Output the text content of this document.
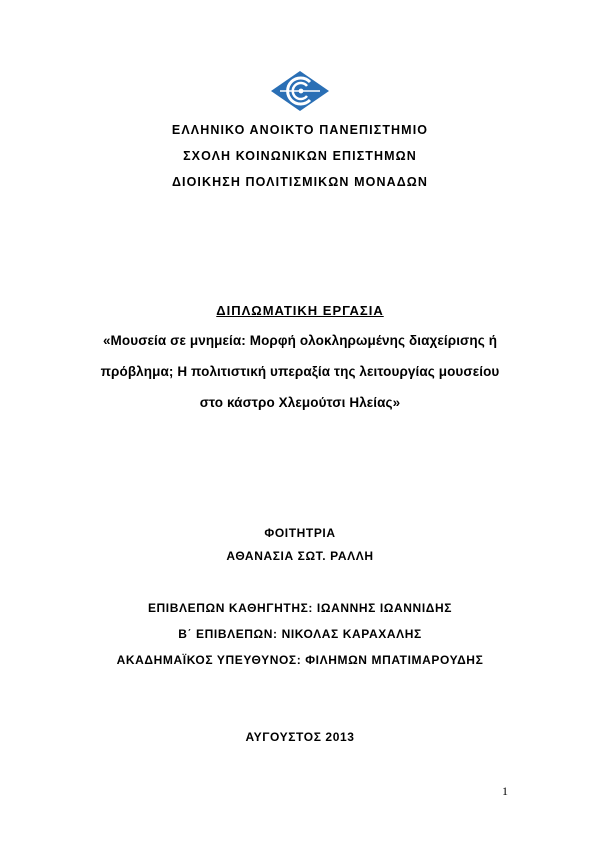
ΕΛΛΗΝΙΚΟ ΑΝΟΙΚΤΟ ΠΑΝΕΠΙΣΤΗΜΙΟ
ΣΧΟΛΗ ΚΟΙΝΩΝΙΚΩΝ ΕΠΙΣΤΗΜΩΝ
ΔΙΟΙΚΗΣΗ ΠΟΛΙΤΙΣΜΙΚΩΝ ΜΟΝΑΔΩΝ
ΔΙΠΛΩΜΑΤΙΚΗ ΕΡΓΑΣΙΑ
«Μουσεία σε μνημεία: Μορφή ολοκληρωμένης διαχείρισης ή
πρόβλημα; Η πολιτιστική υπεραξία της λειτουργίας μουσείου
στο κάστρο Χλεμούτσι Ηλείας»
ΦΟΙΤΗΤΡΙΑ
ΑΘΑΝΑΣΙΑ ΣΩΤ. ΡΑΛΛΗ
ΕΠΙΒΛΕΠΩΝ ΚΑΘΗΓΗΤΗΣ: ΙΩΑΝΝΗΣ ΙΩΑΝΝΙΔΗΣ
Β΄ ΕΠΙΒΛΕΠΩΝ: ΝΙΚΟΛΑΣ ΚΑΡΑΧΑΛΗΣ
ΑΚΑΔΗΜΑΪΚΟΣ ΥΠΕΥΘΥΝΟΣ: ΦΙΛΗΜΩΝ ΜΠΑΤΙΜΑΡΟΥΔΗΣ
ΑΥΓΟΥΣΤΟΣ 2013
1
